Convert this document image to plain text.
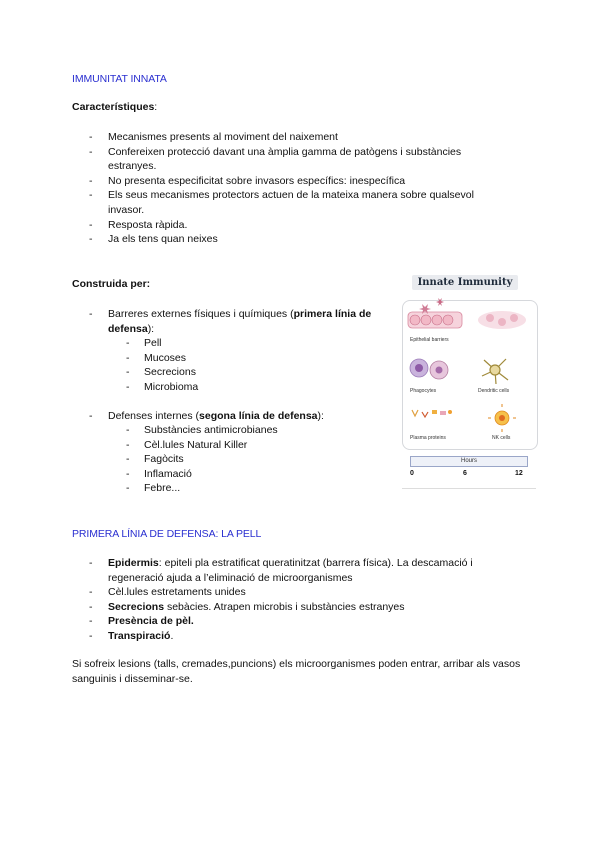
IMMUNITAT INNATA
Característiques:
- Mecanismes presents al moviment del naixement
- Confereixen protecció davant una àmplia gamma de patògens i substàncies estranyes.
- No presenta especificitat sobre invasors específics: inespecífica
- Els seus mecanismes protectors actuen de la mateixa manera sobre qualsevol invasor.
- Resposta ràpida.
- Ja els tens quan neixes
Construida per:
- Barreres externes físiques i químiques (primera línia de defensa):
- Pell
- Mucoses
- Secrecions
- Microbioma
- Defenses internes (segona línia de defensa):
- Substàncies antimicrobianes
- Cèl.lules Natural Killer
- Fagòcits
- Inflamació
- Febre...
Innate Immunity
Epithelial barriers
Phagocytes	Dendritic cells
Plasma proteins	NK cells
Hours
0	6	12
PRIMERA LÍNIA DE DEFENSA: LA PELL
- Epidermis: epiteli pla estratificat queratinitzat (barrera física). La descamació i regeneració ajuda a l’eliminació de microorganismes
- Cèl.lules estretaments unides
- Secrecions sebàcies. Atrapen microbis i substàncies estranyes
- Presència de pèl.
- Transpiració.
Si sofreix lesions (talls, cremades,puncions) els microorganismes poden entrar, arribar als vasos sanguinis i disseminar-se.
